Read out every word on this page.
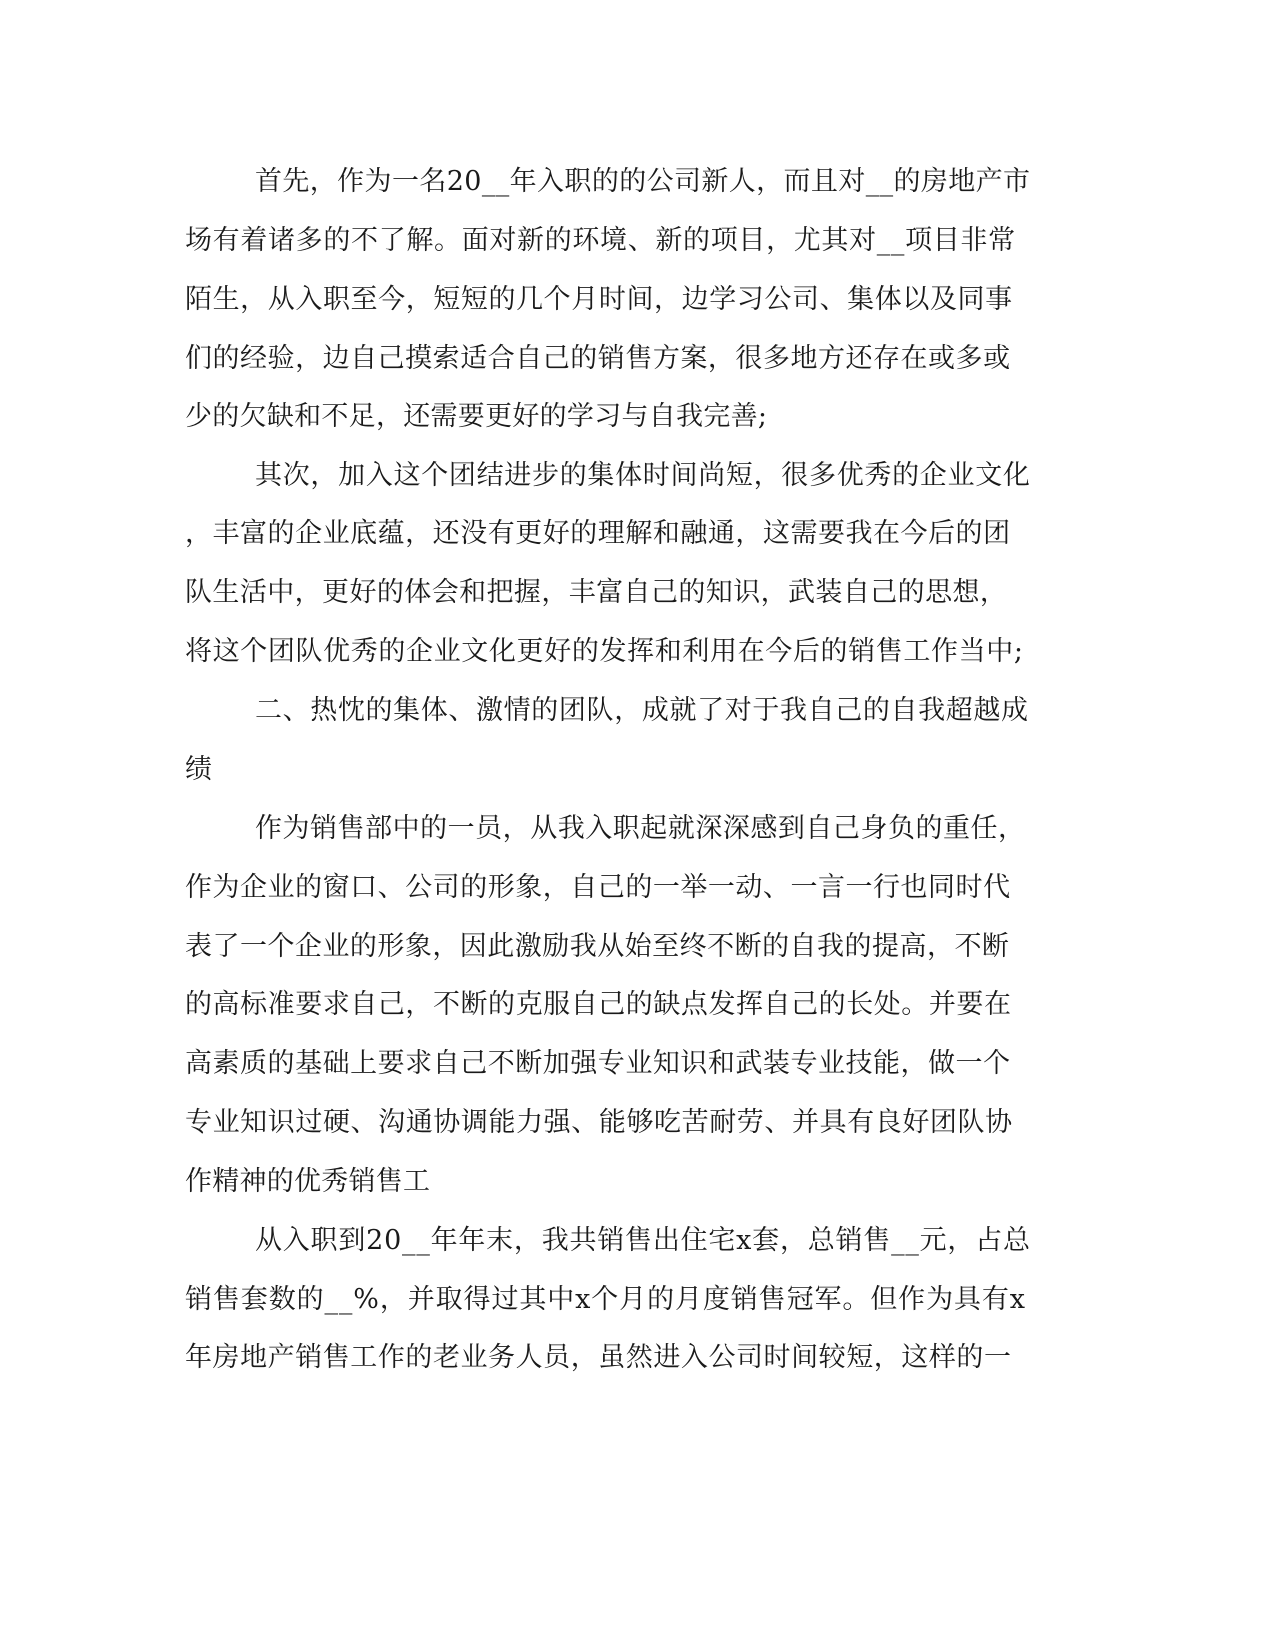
首先，作为一名20__年入职的的公司新人，而且对__的房地产市

场有着诸多的不了解。面对新的环境、新的项目，尤其对__项目非常

陌生，从入职至今，短短的几个月时间，边学习公司、集体以及同事

们的经验，边自己摸索适合自己的销售方案，很多地方还存在或多或

少的欠缺和不足，还需要更好的学习与自我完善;

其次，加入这个团结进步的集体时间尚短，很多优秀的企业文化

，丰富的企业底蕴，还没有更好的理解和融通，这需要我在今后的团

队生活中，更好的体会和把握，丰富自己的知识，武装自己的思想，

将这个团队优秀的企业文化更好的发挥和利用在今后的销售工作当中;

二、热忱的集体、激情的团队，成就了对于我自己的自我超越成

绩

作为销售部中的一员，从我入职起就深深感到自己身负的重任，

作为企业的窗口、公司的形象，自己的一举一动、一言一行也同时代

表了一个企业的形象，因此激励我从始至终不断的自我的提高，不断

的高标准要求自己，不断的克服自己的缺点发挥自己的长处。并要在

高素质的基础上要求自己不断加强专业知识和武装专业技能，做一个

专业知识过硬、沟通协调能力强、能够吃苦耐劳、并具有良好团队协

作精神的优秀销售工

从入职到20__年年末，我共销售出住宅x套，总销售__元，占总

销售套数的__%，并取得过其中x个月的月度销售冠军。但作为具有x

年房地产销售工作的老业务人员，虽然进入公司时间较短，这样的一
